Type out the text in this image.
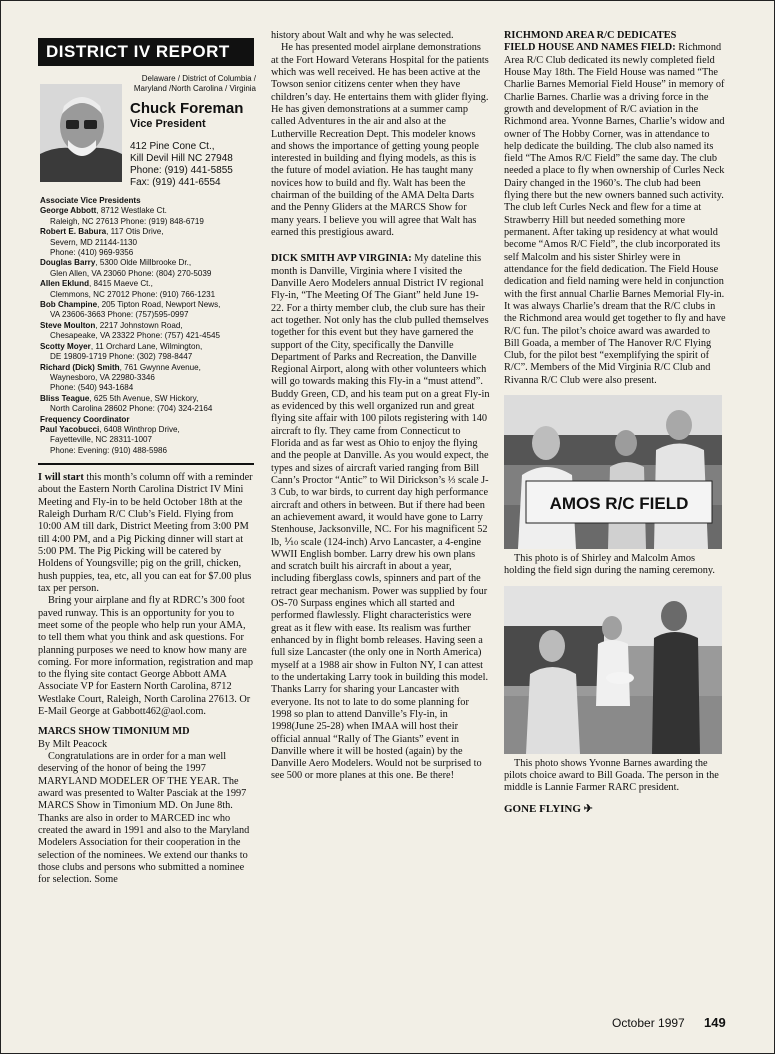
DISTRICT IV REPORT
Delaware / District of Columbia /
Maryland /North Carolina / Virginia
Chuck Foreman
Vice President
412 Pine Cone Ct.,
Kill Devil Hill NC 27948
Phone: (919) 441-5855
Fax: (919) 441-6554
Associate Vice Presidents
George Abbott, 8712 Westlake Ct.
Raleigh, NC 27613 Phone: (919) 848-6719
Robert E. Babura, 117 Otis Drive,
Severn, MD 21144-1130
Phone: (410) 969-9356
Douglas Barry, 5300 Olde Millbrooke Dr.,
Glen Allen, VA 23060 Phone: (804) 270-5039
Allen Eklund, 8415 Maeve Ct.,
Clemmons, NC 27012 Phone: (910) 766-1231
Bob Champine, 205 Tipton Road, Newport News,
VA 23606-3663 Phone: (757)595-0997
Steve Moulton, 2217 Johnstown Road,
Chesapeake, VA 23322 Phone: (757) 421-4545
Scotty Moyer, 11 Orchard Lane, Wilmington,
DE 19809-1719 Phone: (302) 798-8447
Richard (Dick) Smith, 761 Gwynne Avenue,
Waynesboro, VA 22980-3346
Phone: (540) 943-1684
Bliss Teague, 625 5th Avenue, SW Hickory,
North Carolina 28602 Phone: (704) 324-2164
Frequency Coordinator
Paul Yacobucci, 6408 Winthrop Drive,
Fayetteville, NC 28311-1007
Phone: Evening: (910) 488-5986

I will start this month’s column off with a reminder about the Eastern North Carolina District IV Mini Meeting and Fly-in to be held October 18th at the Raleigh Durham R/C Club’s Field. Flying from 10:00 AM till dark, District Meeting from 3:00 PM till 4:00 PM, and a Pig Picking dinner will start at 5:00 PM. The Pig Picking will be catered by Holdens of Youngsville; pig on the grill, chicken, hush puppies, tea, etc, all you can eat for $7.00 plus tax per person.

Bring your airplane and fly at RDRC’s 300 foot paved runway. This is an opportunity for you to meet some of the people who help run your AMA, to tell them what you think and ask questions. For planning purposes we need to know how many are coming. For more information, registration and map to the flying site contact George Abbott AMA Associate VP for Eastern North Carolina, 8712 Westlake Court, Raleigh, North Carolina 27613. Or E-Mail George at Gabbott462@aol.com.

MARCS SHOW TIMONIUM MD

By Milt Peacock

Congratulations are in order for a man well deserving of the honor of being the 1997 MARYLAND MODELER OF THE YEAR. The award was presented to Walter Pasciak at the 1997 MARCS Show in Timonium MD. On June 8th. Thanks are also in order to MARCED inc who created the award in 1991 and also to the Maryland Modelers Association for their cooperation in the selection of the nominees. We extend our thanks to those clubs and persons who submitted a nominee for selection. Some

history about Walt and why he was selected.

He has presented model airplane demonstrations at the Fort Howard Veterans Hospital for the patients which was well received. He has been active at the Towson senior citizens center when they have children’s day. He entertains them with glider flying. He has given demonstrations at a summer camp called Adventures in the air and also at the Lutherville Recreation Dept. This modeler knows and shows the importance of getting young people interested in building and flying models, as this is the future of model aviation. He has taught many novices how to build and fly. Walt has been the chairman of the building of the AMA Delta Darts and the Penny Gliders at the MARCS Show for many years. I believe you will agree that Walt has earned this prestigious award.

DICK SMITH AVP VIRGINIA: My dateline this month is Danville, Virginia where I visited the Danville Aero Modelers annual District IV regional Fly-in, “The Meeting Of The Giant” held June 19-22. For a thirty member club, the club sure has their act together. Not only has the club pulled themselves together for this event but they have garnered the support of the City, specifically the Danville Department of Parks and Recreation, the Danville Regional Airport, along with other volunteers which will go towards making this Fly-in a “must attend”. Buddy Green, CD, and his team put on a great Fly-in as evidenced by this well organized run and great flying site affair with 100 pilots registering with 140 aircraft to fly. They came from Connecticut to Florida and as far west as Ohio to enjoy the flying and the people at Danville. As you would expect, the types and sizes of aircraft varied ranging from Bill Cann’s Proctor “Antic” to Wil Dirickson’s ⅓ scale J-3 Cub, to war birds, to current day high performance aircraft and others in between. But if there had been an achievement award, it would have gone to Larry Stenhouse, Jacksonville, NC. For his magnificent 52 lb, ⅒ scale (124-inch) Arvo Lancaster, a 4-engine WWII English bomber. Larry drew his own plans and scratch built his aircraft in about a year, including fiberglass cowls, spinners and part of the retract gear mechanism. Power was supplied by four OS-70 Surpass engines which all started and performed flawlessly. Flight characteristics were great as it flew with ease. Its realism was further enhanced by in flight bomb releases. Having seen a full size Lancaster (the only one in North America) myself at a 1988 air show in Fulton NY, I can attest to the undertaking Larry took in building this model. Thanks Larry for sharing your Lancaster with everyone. Its not to late to do some planning for 1998 so plan to attend Danville’s Fly-in, in 1998(June 25-28) when IMAA will host their official annual “Rally of The Giants” event in Danville where it will be hosted (again) by the Danville Aero Modelers. Would not be surprised to see 500 or more planes at this one. Be there!

RICHMOND AREA R/C DEDICATES
FIELD HOUSE AND NAMES FIELD: Richmond Area R/C Club dedicated its newly completed field House May 18th. The Field House was named “The Charlie Barnes Memorial Field House” in memory of Charlie Barnes. Charlie was a driving force in the growth and development of R/C aviation in the Richmond area. Yvonne Barnes, Charlie’s widow and owner of The Hobby Corner, was in attendance to help dedicate the building. The club also named its field “The Amos R/C Field” the same day. The club needed a place to fly when ownership of Curles Neck Dairy changed in the 1960’s. The club had been flying there but the new owners banned such activity. The club left Curles Neck and flew for a time at Strawberry Hill but needed something more permanent. After taking up residency at what would become “Amos R/C Field”, the club incorporated its self Malcolm and his sister Shirley were in attendance for the field dedication. The Field House dedication and field naming were held in conjunction with the first annual Charlie Barnes Memorial Fly-in. It was always Charlie’s dream that the R/C clubs in the Richmond area would get together to fly and have R/C fun. The pilot’s choice award was awarded to Bill Goada, a member of The Hanover R/C Flying Club, for the pilot best “exemplifying the spirit of R/C”. Members of the Mid Virginia R/C Club and Rivanna R/C Club were also present.
AMOS R/C FIELD
This photo is of Shirley and Malcolm Amos holding the field sign during the naming ceremony.
This photo shows Yvonne Barnes awarding the pilots choice award to Bill Goada. The person in the middle is Lannie Farmer RARC president.
GONE FLYING ✈
October 1997 149
